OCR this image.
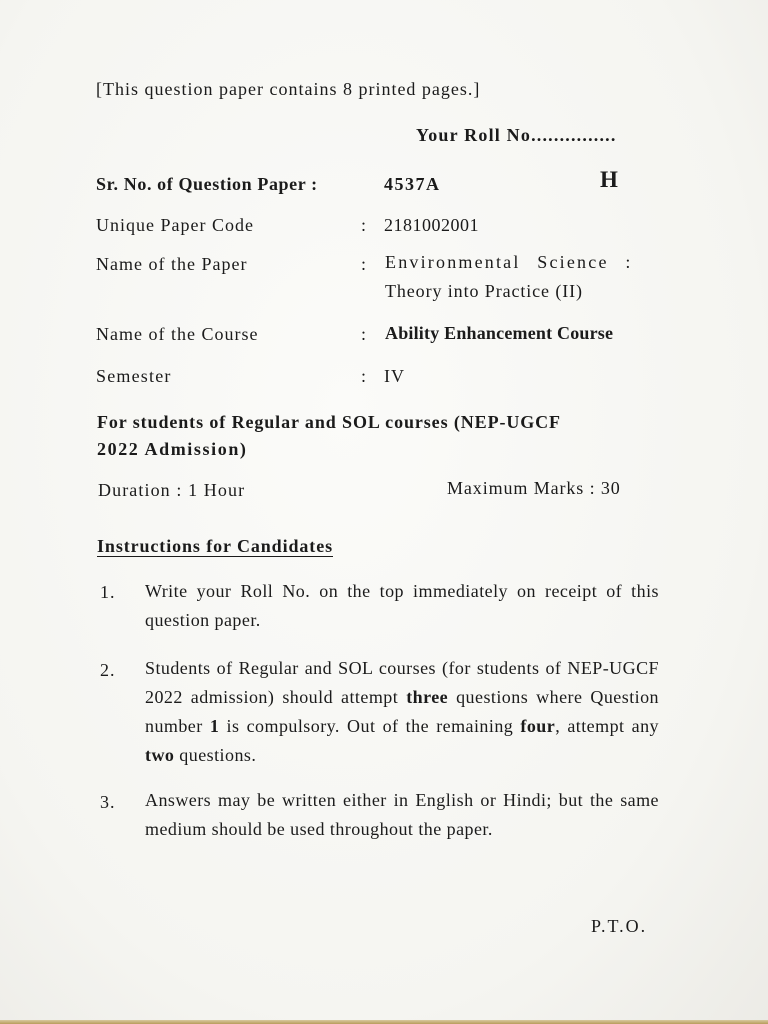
[This question paper contains 8 printed pages.]
Your Roll No...............
Sr. No. of Question Paper :	4537A	H
Unique Paper Code	: 2181002001
Name of the Paper	: Environmental Science :
Theory into Practice (II)
Name of the Course	: Ability Enhancement Course
Semester	: IV
For students of Regular and SOL courses (NEP-UGCF
2022 Admission)
Duration : 1 Hour	Maximum Marks : 30
Instructions for Candidates
1. Write your Roll No. on the top immediately on receipt of this question paper.
2. Students of Regular and SOL courses (for students of NEP-UGCF 2022 admission) should attempt three questions where Question number 1 is compulsory. Out of the remaining four, attempt any two questions.
3. Answers may be written either in English or Hindi; but the same medium should be used throughout the paper.
P.T.O.
